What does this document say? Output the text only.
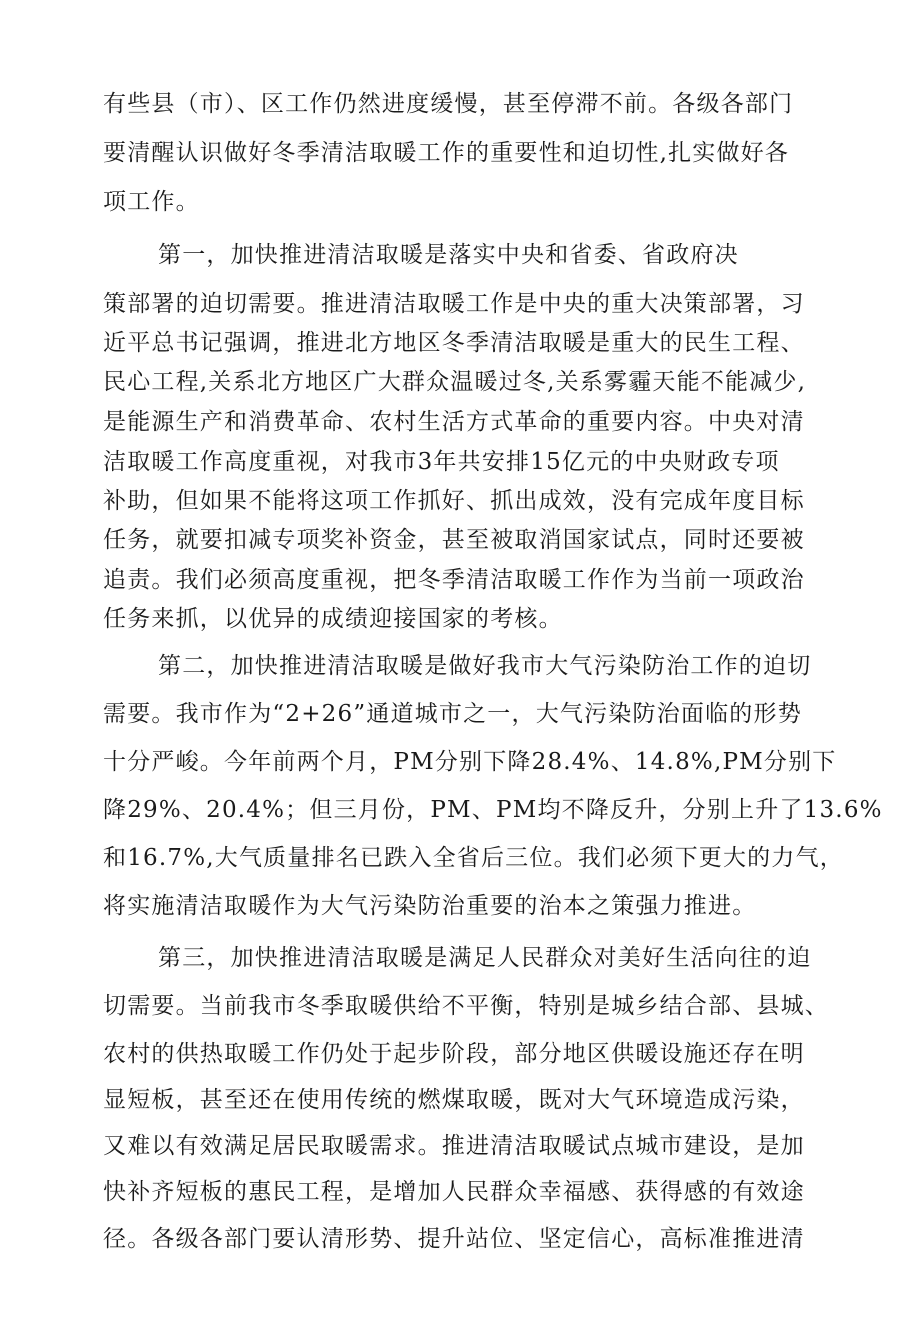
有些县（市）、区工作仍然进度缓慢，甚至停滞不前。各级各部门
要清醒认识做好冬季清洁取暖工作的重要性和迫切性,扎实做好各
项工作。
第一，加快推进清洁取暖是落实中央和省委、省政府决
策部署的迫切需要。推进清洁取暖工作是中央的重大决策部署，习
近平总书记强调，推进北方地区冬季清洁取暖是重大的民生工程、
民心工程,关系北方地区广大群众温暖过冬,关系雾霾天能不能减少,
是能源生产和消费革命、农村生活方式革命的重要内容。中央对清
洁取暖工作高度重视，对我市3年共安排15亿元的中央财政专项
补助，但如果不能将这项工作抓好、抓出成效，没有完成年度目标
任务，就要扣减专项奖补资金，甚至被取消国家试点，同时还要被
追责。我们必须高度重视，把冬季清洁取暖工作作为当前一项政治
任务来抓，以优异的成绩迎接国家的考核。
第二，加快推进清洁取暖是做好我市大气污染防治工作的迫切
需要。我市作为“2+26”通道城市之一，大气污染防治面临的形势
十分严峻。今年前两个月，PM分别下降28.4%、14.8%,PM分别下
降29%、20.4%；但三月份，PM、PM均不降反升，分别上升了13.6%
和16.7%,大气质量排名已跌入全省后三位。我们必须下更大的力气，
将实施清洁取暖作为大气污染防治重要的治本之策强力推进。
第三，加快推进清洁取暖是满足人民群众对美好生活向往的迫
切需要。当前我市冬季取暖供给不平衡，特别是城乡结合部、县城、
农村的供热取暖工作仍处于起步阶段，部分地区供暖设施还存在明
显短板，甚至还在使用传统的燃煤取暖，既对大气环境造成污染，
又难以有效满足居民取暖需求。推进清洁取暖试点城市建设，是加
快补齐短板的惠民工程，是增加人民群众幸福感、获得感的有效途
径。各级各部门要认清形势、提升站位、坚定信心，高标准推进清
